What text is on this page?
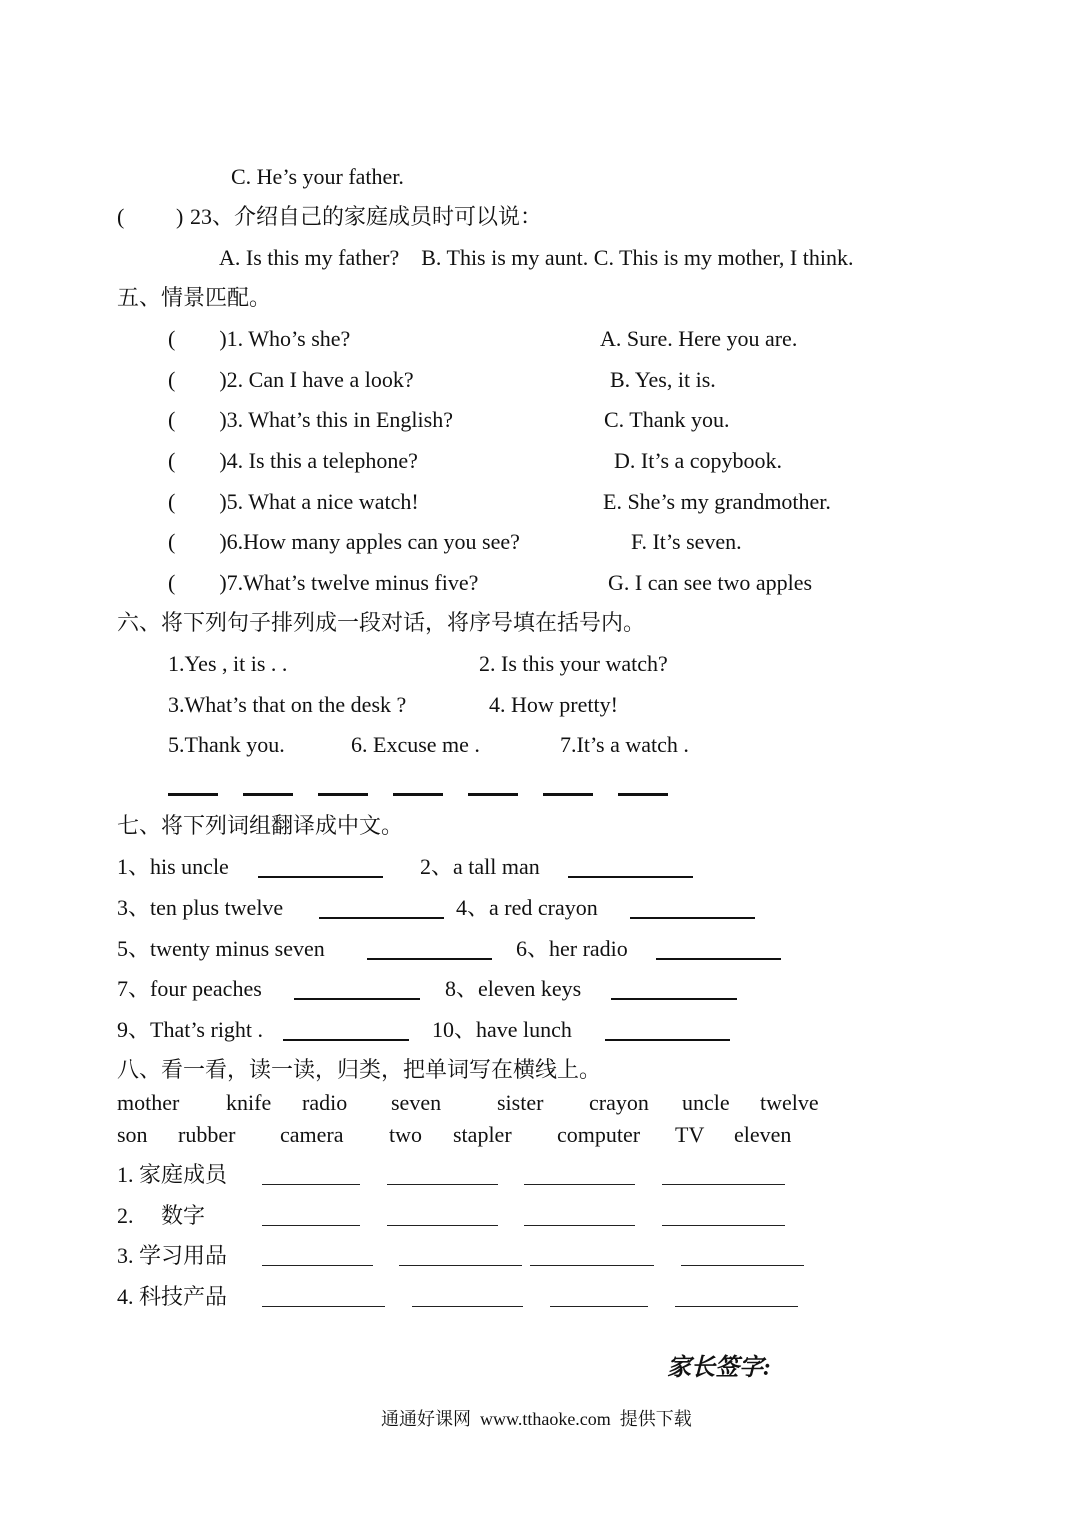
C. He’s your father.
( ) 23、介绍自己的家庭成员时可以说：
A. Is this my father?    B. This is my aunt. C. This is my mother, I think.
五、情景匹配。
(        )1. Who’s she?	A. Sure. Here you are.
(        )2. Can I have a look?	B. Yes, it is.
(        )3. What’s this in English?	C. Thank you.
(        )4. Is this a telephone?	D. It’s a copybook.
(        )5. What a nice watch!	E. She’s my grandmother.
(        )6.How many apples can you see?	F. It’s seven.
(        )7.What’s twelve minus five?	G. I can see two apples
六、将下列句子排列成一段对话，将序号填在括号内。
1.Yes , it is . .	2. Is this your watch?
3.What’s that on the desk ?	4. How pretty!
5.Thank you.	6. Excuse me .	7.It’s a watch .
七、将下列词组翻译成中文。
1、his uncle	2、a tall man
3、ten plus twelve	4、a red crayon
5、twenty minus seven	6、her radio
7、four peaches	8、eleven keys
9、That’s right .	10、have lunch
八、看一看，读一读，归类，把单词写在横线上。
mother knife radio seven	sister crayon uncle twelve
son rubber camera two stapler computer TV eleven
1. 家庭成员
2.     数字
3. 学习用品
4. 科技产品
家长签字:
通通好课网  www.tthaoke.com  提供下载
